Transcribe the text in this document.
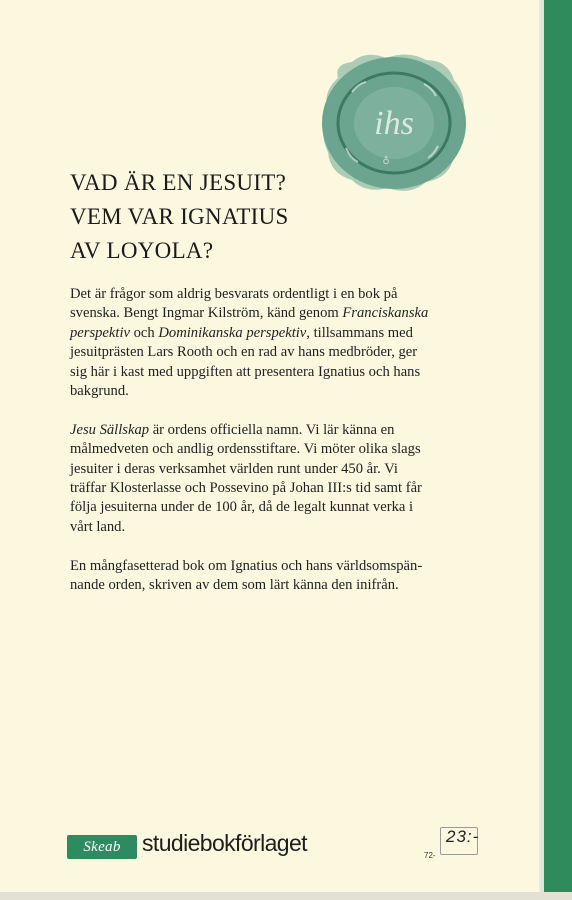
ihs
♁
VAD ÄR EN JESUIT?
VEM VAR IGNATIUS
AV LOYOLA?

Det är frågor som aldrig besvarats ordentligt i en bok på
svenska. Bengt Ingmar Kilström, känd genom Franciskanska
perspektiv och Dominikanska perspektiv, tillsammans med
jesuitprästen Lars Rooth och en rad av hans medbröder, ger
sig här i kast med uppgiften att presentera Ignatius och hans
bakgrund.

Jesu Sällskap är ordens officiella namn. Vi lär känna en
målmedveten och andlig ordensstiftare. Vi möter olika slags
jesuiter i deras verksamhet världen runt under 450 år. Vi
träffar Klosterlasse och Possevino på Johan III:s tid samt får
följa jesuiterna under de 100 år, då de legalt kunnat verka i
vårt land.

En mångfasetterad bok om Ignatius och hans världsomspän-
nande orden, skriven av dem som lärt känna den inifrån.

Skeab studiebokförlaget	72-
23:-
